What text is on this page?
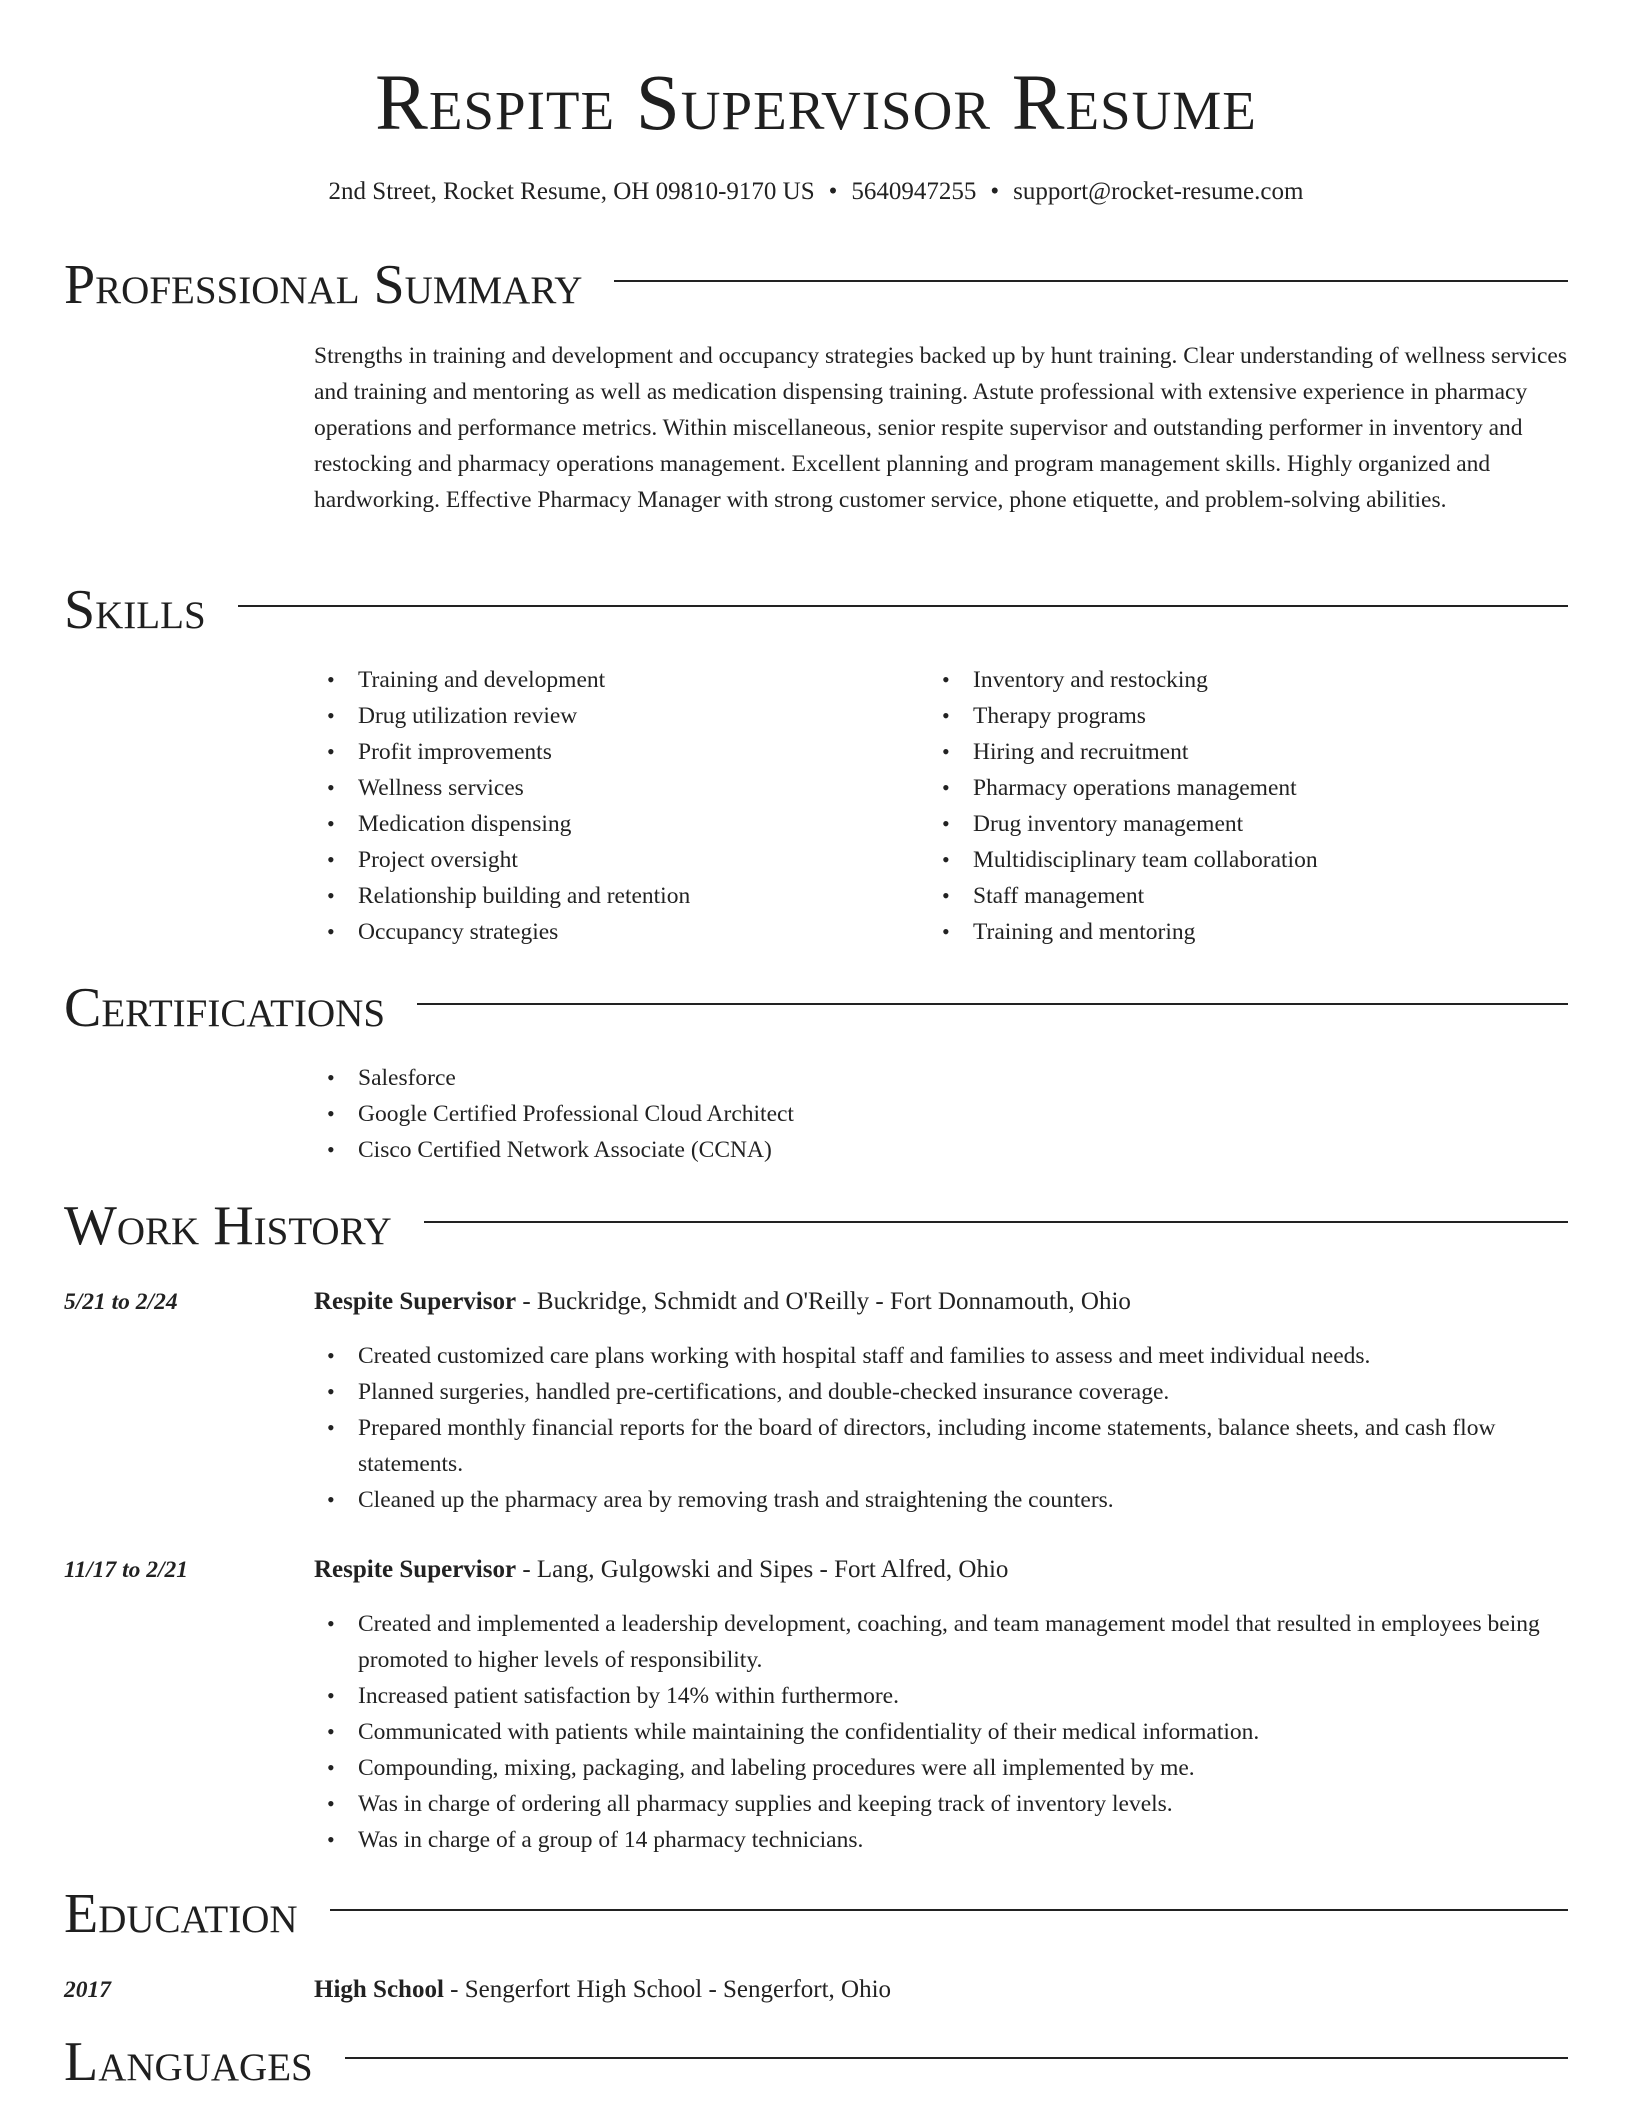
Respite Supervisor Resume
2nd Street, Rocket Resume, OH 09810-9170 US • 5640947255 • support@rocket-resume.com
Professional Summary
Strengths in training and development and occupancy strategies backed up by hunt training. Clear understanding of wellness services and training and mentoring as well as medication dispensing training. Astute professional with extensive experience in pharmacy operations and performance metrics. Within miscellaneous, senior respite supervisor and outstanding performer in inventory and restocking and pharmacy operations management. Excellent planning and program management skills. Highly organized and hardworking. Effective Pharmacy Manager with strong customer service, phone etiquette, and problem-solving abilities.
Skills
• Training and development
• Drug utilization review
• Profit improvements
• Wellness services
• Medication dispensing
• Project oversight
• Relationship building and retention
• Occupancy strategies
• Inventory and restocking
• Therapy programs
• Hiring and recruitment
• Pharmacy operations management
• Drug inventory management
• Multidisciplinary team collaboration
• Staff management
• Training and mentoring
Certifications
• Salesforce
• Google Certified Professional Cloud Architect
• Cisco Certified Network Associate (CCNA)
Work History
5/21 to 2/24	Respite Supervisor - Buckridge, Schmidt and O'Reilly - Fort Donnamouth, Ohio
• Created customized care plans working with hospital staff and families to assess and meet individual needs.
• Planned surgeries, handled pre-certifications, and double-checked insurance coverage.
• Prepared monthly financial reports for the board of directors, including income statements, balance sheets, and cash flow statements.
• Cleaned up the pharmacy area by removing trash and straightening the counters.
11/17 to 2/21	Respite Supervisor - Lang, Gulgowski and Sipes - Fort Alfred, Ohio
• Created and implemented a leadership development, coaching, and team management model that resulted in employees being promoted to higher levels of responsibility.
• Increased patient satisfaction by 14% within furthermore.
• Communicated with patients while maintaining the confidentiality of their medical information.
• Compounding, mixing, packaging, and labeling procedures were all implemented by me.
• Was in charge of ordering all pharmacy supplies and keeping track of inventory levels.
• Was in charge of a group of 14 pharmacy technicians.
Education
2017	High School - Sengerfort High School - Sengerfort, Ohio
Languages
